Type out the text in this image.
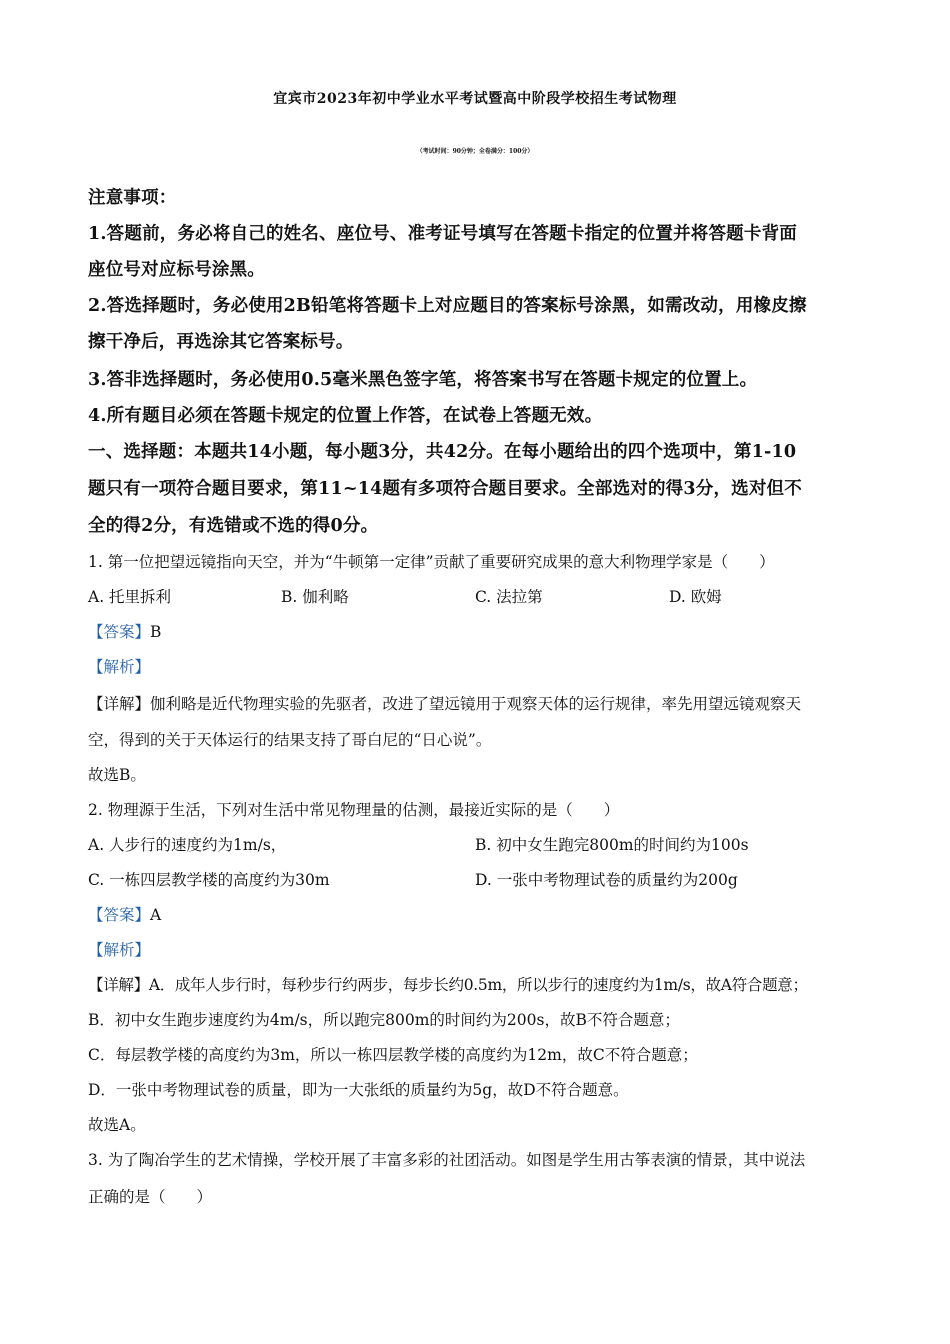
宜宾市2023年初中学业水平考试暨高中阶段学校招生考试物理
（考试时间：90分钟；全卷满分：100分）
注意事项：
1.答题前，务必将自己的姓名、座位号、准考证号填写在答题卡指定的位置并将答题卡背面
座位号对应标号涂黑。
2.答选择题时，务必使用2B铅笔将答题卡上对应题目的答案标号涂黑，如需改动，用橡皮擦
擦干净后，再选涂其它答案标号。
3.答非选择题时，务必使用0.5毫米黑色签字笔，将答案书写在答题卡规定的位置上。
4.所有题目必须在答题卡规定的位置上作答，在试卷上答题无效。
一、选择题：本题共14小题，每小题3分，共42分。在每小题给出的四个选项中，第1-10
题只有一项符合题目要求，第11~14题有多项符合题目要求。全部选对的得3分，选对但不
全的得2分，有选错或不选的得0分。
1. 第一位把望远镜指向天空，并为“牛顿第一定律”贡献了重要研究成果的意大利物理学家是（　　）
A. 托里拆利	B. 伽利略	C. 法拉第	D. 欧姆
【答案】B
【解析】
【详解】伽利略是近代物理实验的先驱者，改进了望远镜用于观察天体的运行规律，率先用望远镜观察天
空，得到的关于天体运行的结果支持了哥白尼的“日心说”。
故选B。
2. 物理源于生活，下列对生活中常见物理量的估测，最接近实际的是（　　）
A. 人步行的速度约为1m/s，	B. 初中女生跑完800m的时间约为100s
C. 一栋四层教学楼的高度约为30m	D. 一张中考物理试卷的质量约为200g
【答案】A
【解析】
【详解】A．成年人步行时，每秒步行约两步，每步长约0.5m，所以步行的速度约为1m/s，故A符合题意；
B．初中女生跑步速度约为4m/s，所以跑完800m的时间约为200s，故B不符合题意；
C．每层教学楼的高度约为3m，所以一栋四层教学楼的高度约为12m，故C不符合题意；
D．一张中考物理试卷的质量，即为一大张纸的质量约为5g，故D不符合题意。
故选A。
3. 为了陶冶学生的艺术情操，学校开展了丰富多彩的社团活动。如图是学生用古筝表演的情景，其中说法
正确的是（　　）
